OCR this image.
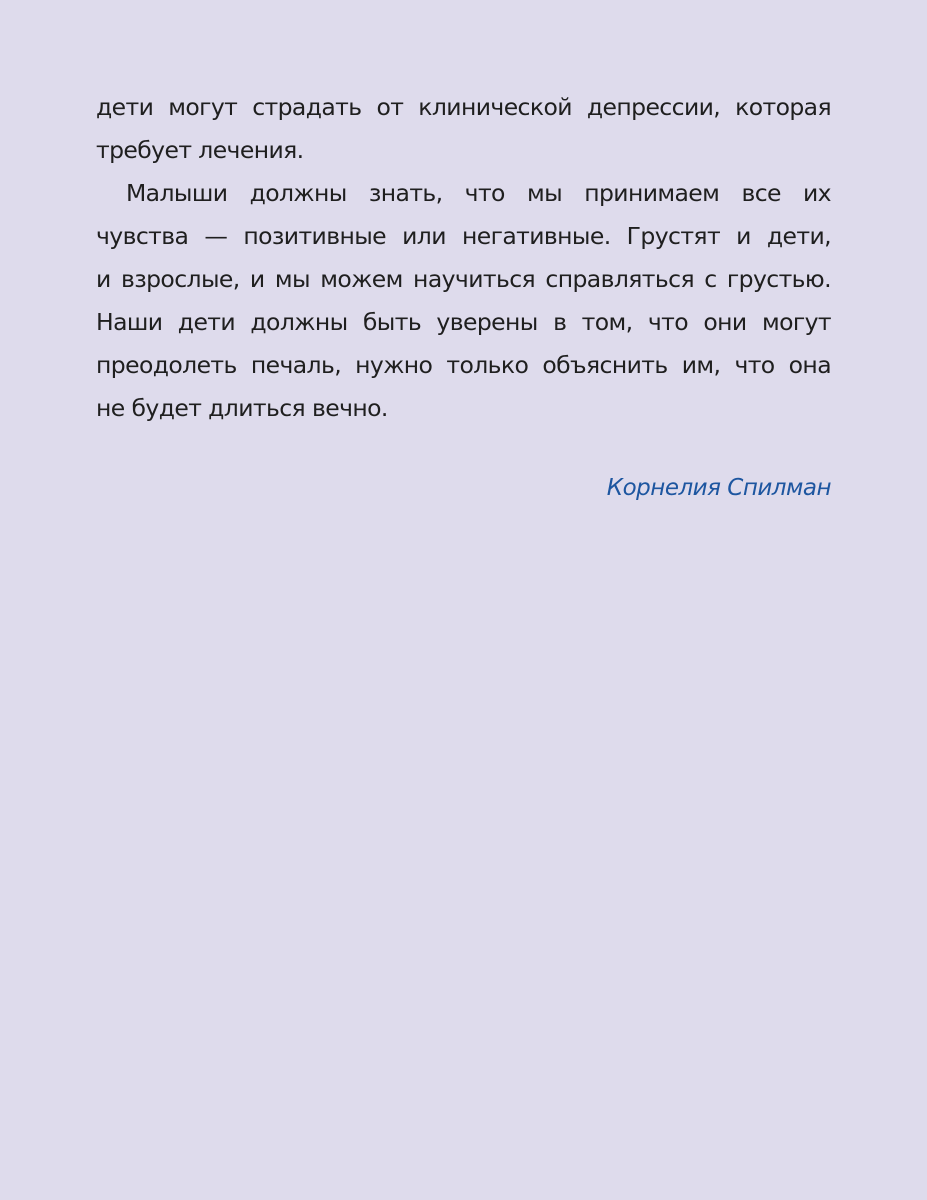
дети могут страдать от клинической депрессии, которая
требует лечения.
Малыши должны знать, что мы принимаем все их
чувства — позитивные или негативные. Грустят и дети,
и взрослые, и мы можем научиться справляться с грустью.
Наши дети должны быть уверены в том, что они могут
преодолеть печаль, нужно только объяснить им, что она
не будет длиться вечно.
Корнелия Спилман
